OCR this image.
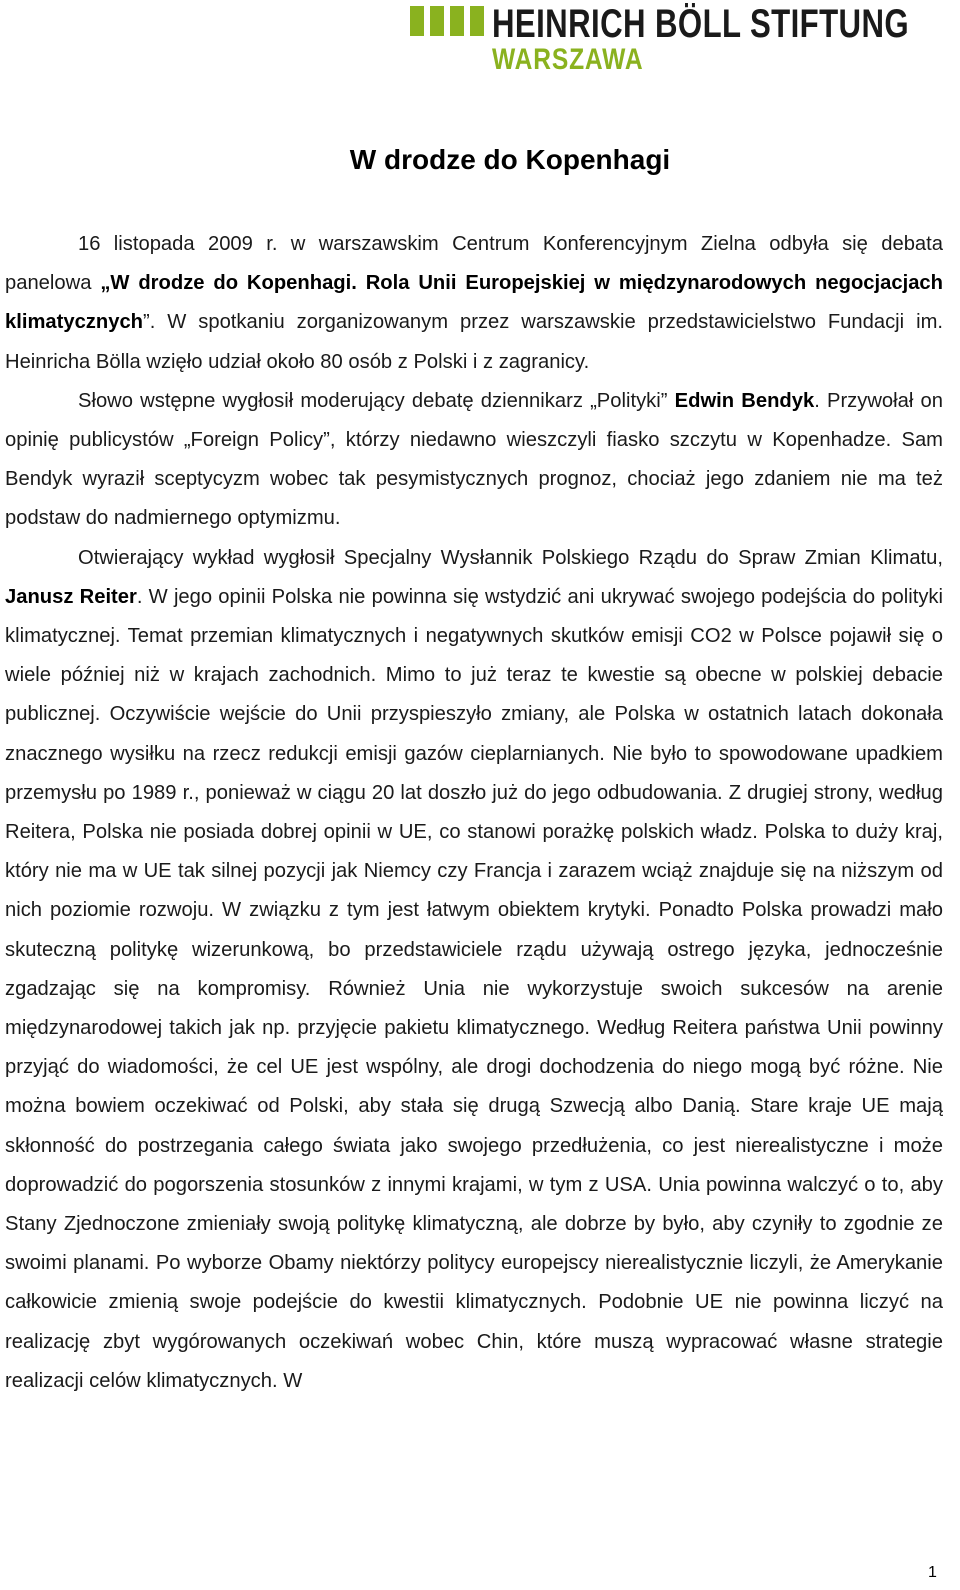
HEINRICH BÖLL STIFTUNG
WARSZAWA
W drodze do Kopenhagi

16 listopada 2009 r. w warszawskim Centrum Konferencyjnym Zielna odbyła się debata panelowa „W drodze do Kopenhagi. Rola Unii Europejskiej w międzynarodowych negocjacjach klimatycznych”. W spotkaniu zorganizowanym przez warszawskie przedstawicielstwo Fundacji im. Heinricha Bölla wzięło udział około 80 osób z Polski i z zagranicy.

Słowo wstępne wygłosił moderujący debatę dziennikarz „Polityki” Edwin Bendyk. Przywołał on opinię publicystów „Foreign Policy”, którzy niedawno wieszczyli fiasko szczytu w Kopenhadze. Sam Bendyk wyraził sceptycyzm wobec tak pesymistycznych prognoz, chociaż jego zdaniem nie ma też podstaw do nadmiernego optymizmu.

Otwierający wykład wygłosił Specjalny Wysłannik Polskiego Rządu do Spraw Zmian Klimatu, Janusz Reiter. W jego opinii Polska nie powinna się wstydzić ani ukrywać swojego podejścia do polityki klimatycznej. Temat przemian klimatycznych i negatywnych skutków emisji CO2 w Polsce pojawił się o wiele później niż w krajach zachodnich. Mimo to już teraz te kwestie są obecne w polskiej debacie publicznej. Oczywiście wejście do Unii przyspieszyło zmiany, ale Polska w ostatnich latach dokonała znacznego wysiłku na rzecz redukcji emisji gazów cieplarnianych. Nie było to spowodowane upadkiem przemysłu po 1989 r., ponieważ w ciągu 20 lat doszło już do jego odbudowania. Z drugiej strony, według Reitera, Polska nie posiada dobrej opinii w UE, co stanowi porażkę polskich władz. Polska to duży kraj, który nie ma w UE tak silnej pozycji jak Niemcy czy Francja i zarazem wciąż znajduje się na niższym od nich poziomie rozwoju. W związku z tym jest łatwym obiektem krytyki. Ponadto Polska prowadzi mało skuteczną politykę wizerunkową, bo przedstawiciele rządu używają ostrego języka, jednocześnie zgadzając się na kompromisy. Również Unia nie wykorzystuje swoich sukcesów na arenie międzynarodowej takich jak np. przyjęcie pakietu klimatycznego. Według Reitera państwa Unii powinny przyjąć do wiadomości, że cel UE jest wspólny, ale drogi dochodzenia do niego mogą być różne. Nie można bowiem oczekiwać od Polski, aby stała się drugą Szwecją albo Danią. Stare kraje UE mają skłonność do postrzegania całego świata jako swojego przedłużenia, co jest nierealistyczne i może doprowadzić do pogorszenia stosunków z innymi krajami, w tym z USA. Unia powinna walczyć o to, aby Stany Zjednoczone zmieniały swoją politykę klimatyczną, ale dobrze by było, aby czyniły to zgodnie ze swoimi planami. Po wyborze Obamy niektórzy politycy europejscy nierealistycznie liczyli, że Amerykanie całkowicie zmienią swoje podejście do kwestii klimatycznych. Podobnie UE nie powinna liczyć na realizację zbyt wygórowanych oczekiwań wobec Chin, które muszą wypracować własne strategie realizacji celów klimatycznych. W

1
